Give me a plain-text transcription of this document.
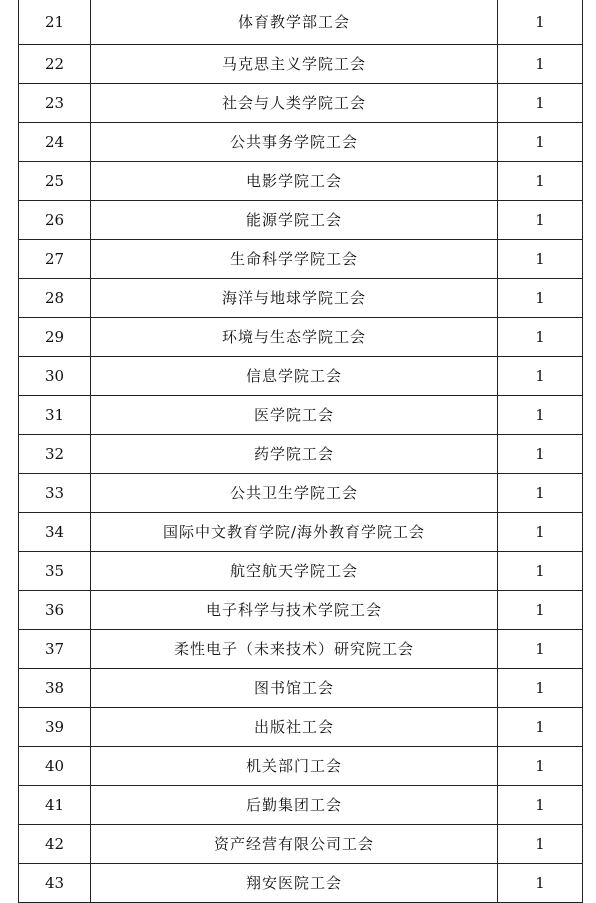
21	体育教学部工会	1
22	马克思主义学院工会	1
23	社会与人类学院工会	1
24	公共事务学院工会	1
25	电影学院工会	1
26	能源学院工会	1
27	生命科学学院工会	1
28	海洋与地球学院工会	1
29	环境与生态学院工会	1
30	信息学院工会	1
31	医学院工会	1
32	药学院工会	1
33	公共卫生学院工会	1
34	国际中文教育学院/海外教育学院工会	1
35	航空航天学院工会	1
36	电子科学与技术学院工会	1
37	柔性电子（未来技术）研究院工会	1
38	图书馆工会	1
39	出版社工会	1
40	机关部门工会	1
41	后勤集团工会	1
42	资产经营有限公司工会	1
43	翔安医院工会	1
